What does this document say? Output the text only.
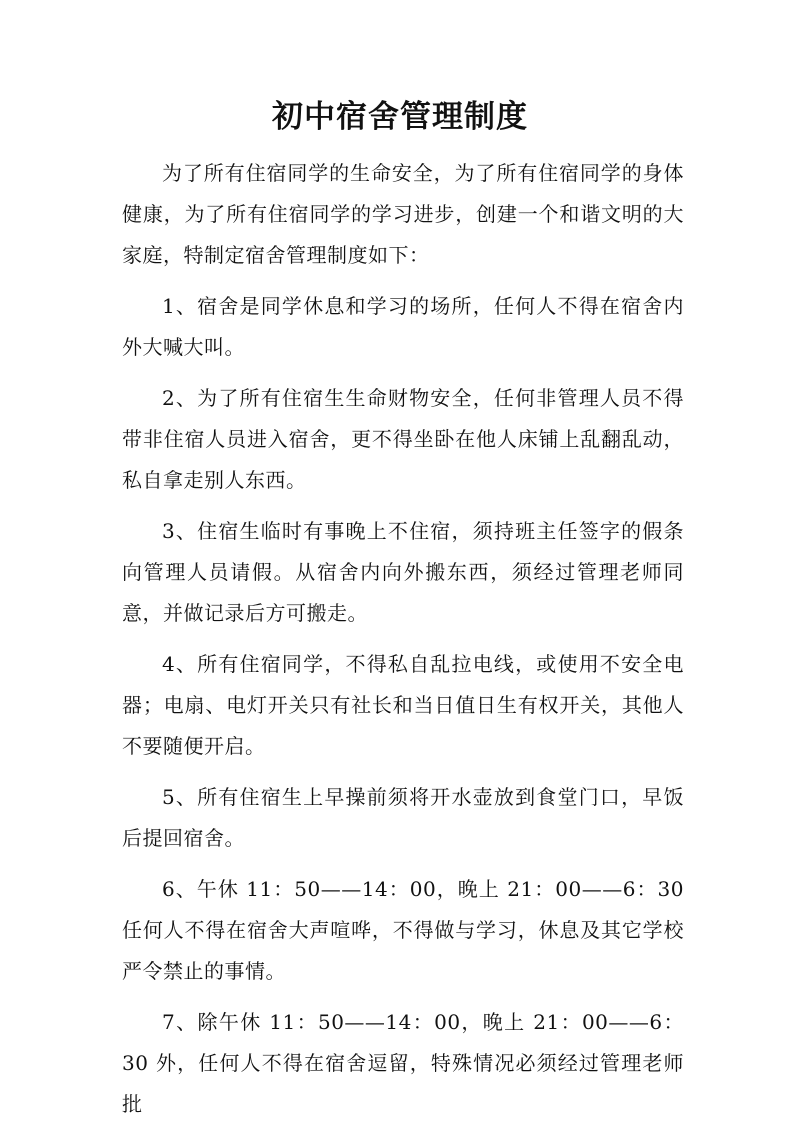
初中宿舍管理制度

为了所有住宿同学的生命安全，为了所有住宿同学的身体健康，为了所有住宿同学的学习进步，创建一个和谐文明的大家庭，特制定宿舍管理制度如下：

1、宿舍是同学休息和学习的场所，任何人不得在宿舍内外大喊大叫。

2、为了所有住宿生生命财物安全，任何非管理人员不得带非住宿人员进入宿舍，更不得坐卧在他人床铺上乱翻乱动，私自拿走别人东西。

3、住宿生临时有事晚上不住宿，须持班主任签字的假条向管理人员请假。从宿舍内向外搬东西，须经过管理老师同意，并做记录后方可搬走。

4、所有住宿同学，不得私自乱拉电线，或使用不安全电器；电扇、电灯开关只有社长和当日值日生有权开关，其他人不要随便开启。

5、所有住宿生上早操前须将开水壶放到食堂门口，早饭后提回宿舍。

6、午休 11：50——14：00，晚上 21：00——6：30 任何人不得在宿舍大声喧哗，不得做与学习，休息及其它学校严令禁止的事情。

7、除午休 11：50——14：00，晚上 21：00——6：30 外，任何人不得在宿舍逗留，特殊情况必须经过管理老师批
